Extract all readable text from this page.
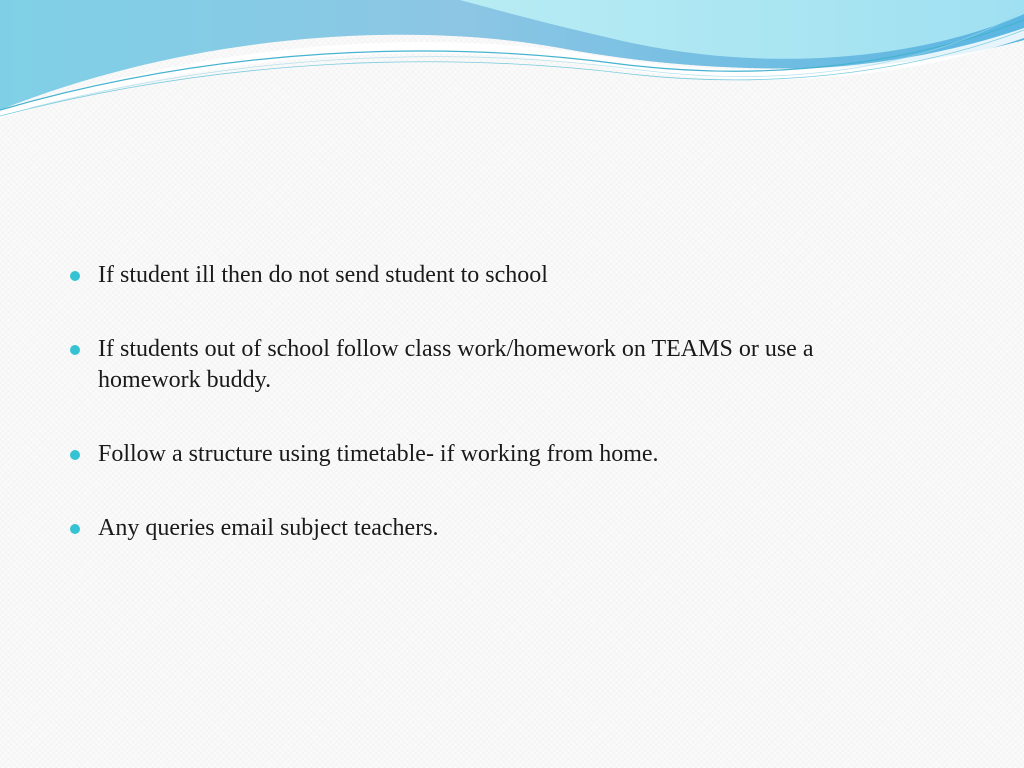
If student ill then do not send student to school
If students out of school follow class work/homework on TEAMS or use a homework buddy.
Follow a structure using timetable- if working from home.
Any queries email subject teachers.
